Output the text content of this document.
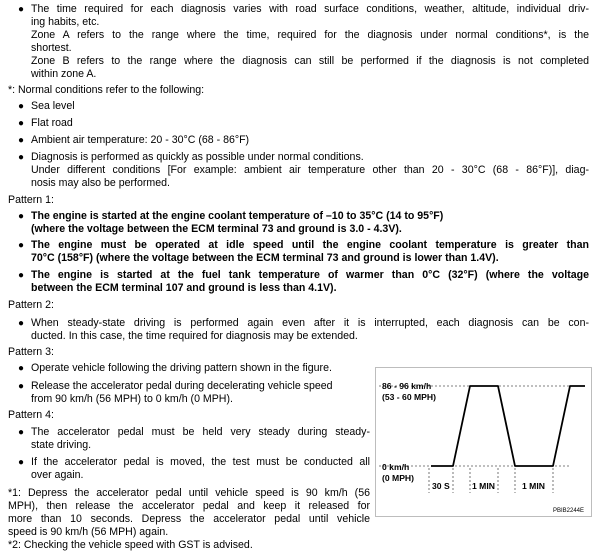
● The time required for each diagnosis varies with road surface conditions, weather, altitude, individual driv-
ing habits, etc.
Zone A refers to the range where the time, required for the diagnosis under normal conditions*, is the
shortest.
Zone B refers to the range where the diagnosis can still be performed if the diagnosis is not completed
within zone A.
*: Normal conditions refer to the following:
● Sea level
● Flat road
● Ambient air temperature: 20 - 30°C (68 - 86°F)
● Diagnosis is performed as quickly as possible under normal conditions.
Under different conditions [For example: ambient air temperature other than 20 - 30°C (68 - 86°F)], diag-
nosis may also be performed.
Pattern 1:
● The engine is started at the engine coolant temperature of –10 to 35°C (14 to 95°F)
(where the voltage between the ECM terminal 73 and ground is 3.0 - 4.3V).
● The engine must be operated at idle speed until the engine coolant temperature is greater than
70°C (158°F) (where the voltage between the ECM terminal 73 and ground is lower than 1.4V).
● The engine is started at the fuel tank temperature of warmer than 0°C (32°F) (where the voltage
between the ECM terminal 107 and ground is less than 4.1V).
Pattern 2:
● When steady-state driving is performed again even after it is interrupted, each diagnosis can be con-
ducted. In this case, the time required for diagnosis may be extended.
Pattern 3:
● Operate vehicle following the driving pattern shown in the figure.
● Release the accelerator pedal during decelerating vehicle speed
from 90 km/h (56 MPH) to 0 km/h (0 MPH).
Pattern 4:
● The accelerator pedal must be held very steady during steady-
state driving.
● If the accelerator pedal is moved, the test must be conducted all
over again.
*1: Depress the accelerator pedal until vehicle speed is 90 km/h (56
MPH), then release the accelerator pedal and keep it released for
more than 10 seconds. Depress the accelerator pedal until vehicle
speed is 90 km/h (56 MPH) again.
*2: Checking the vehicle speed with GST is advised.
86 - 96 km/h
(53 - 60 MPH)
0 km/h
(0 MPH)
30 S	1 MIN	1 MIN
PBIB2244E
